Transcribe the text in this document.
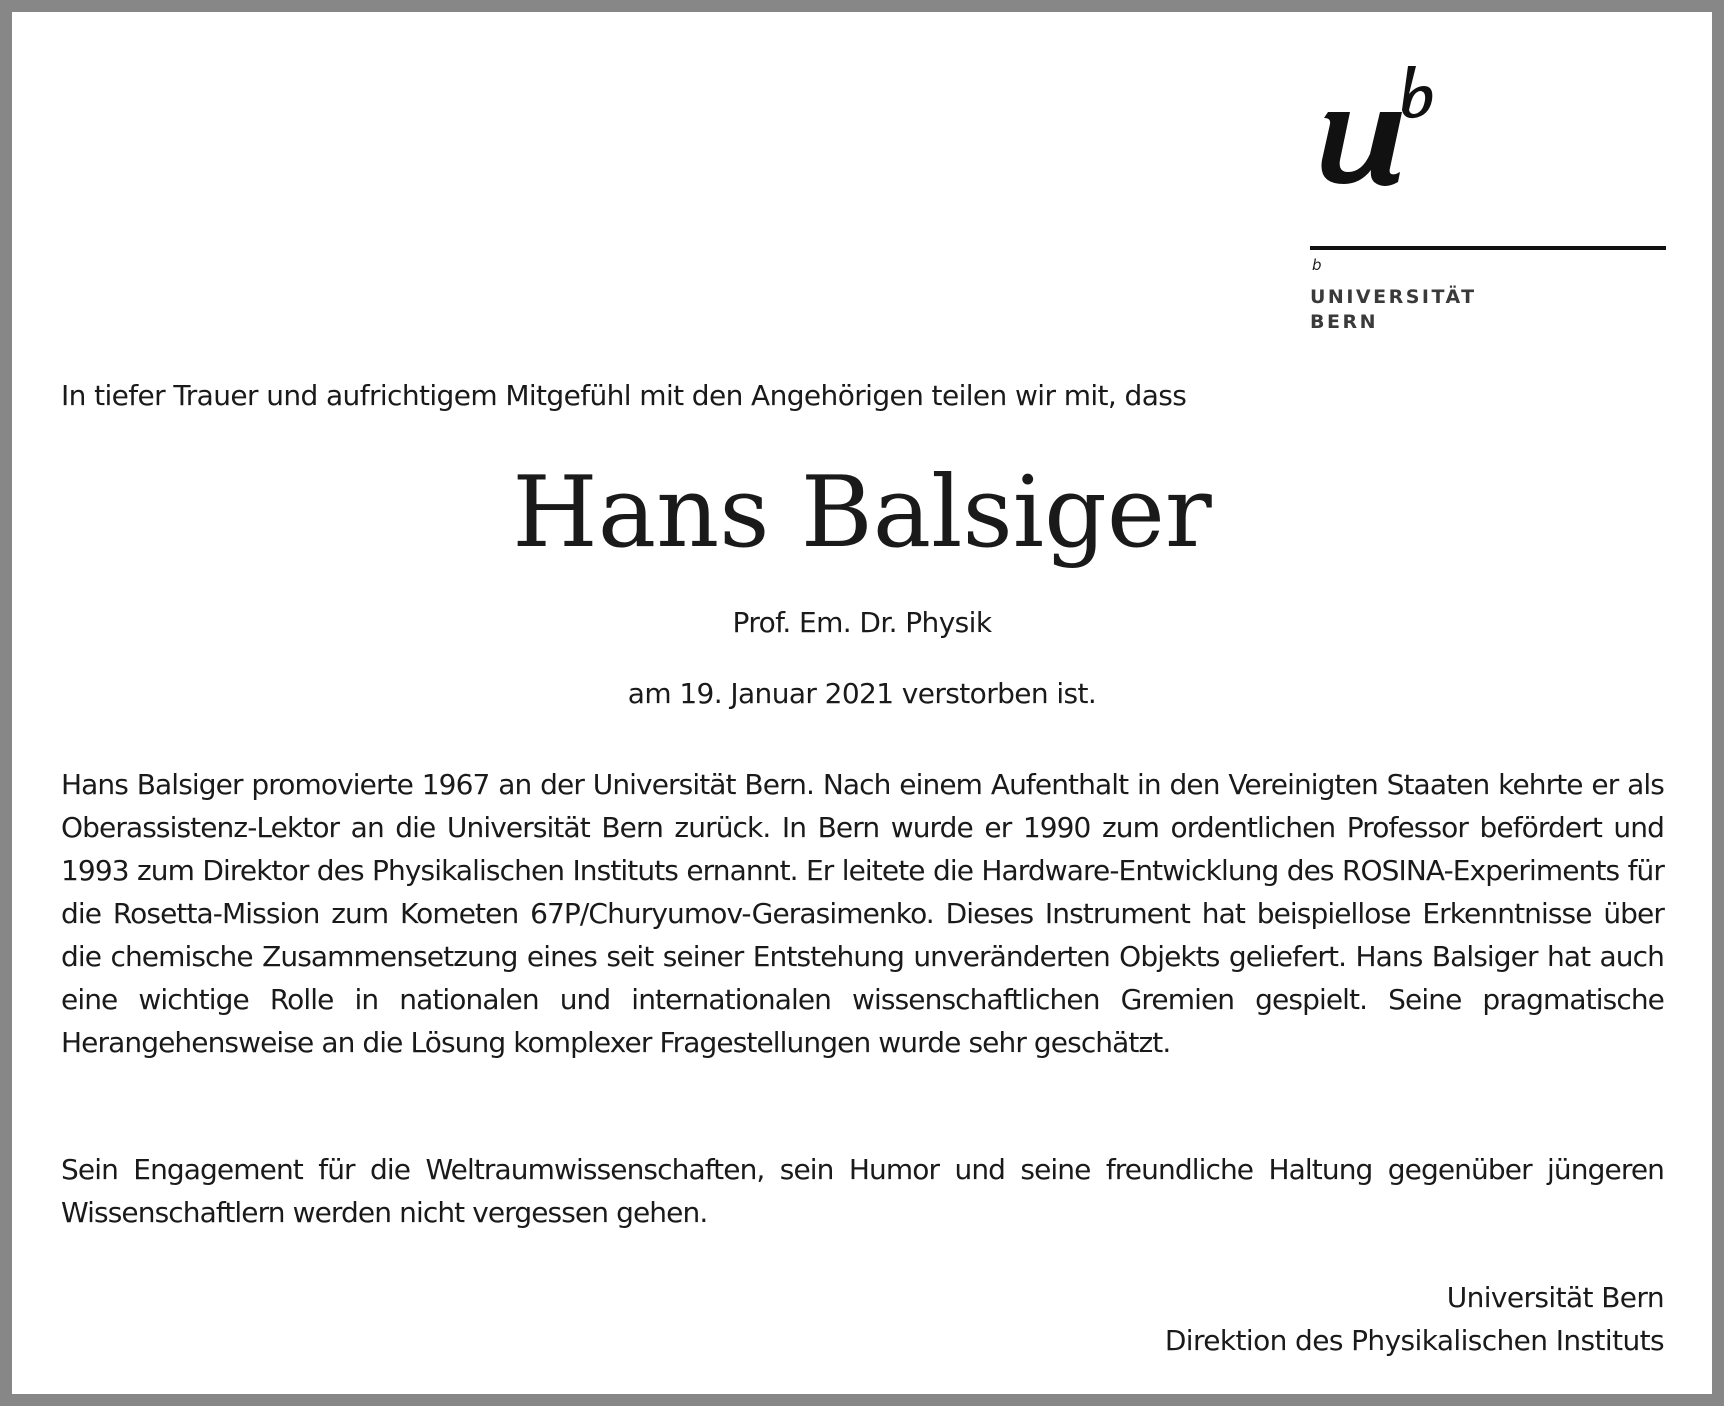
b
UNIVERSITÄT
BERN
In tiefer Trauer und aufrichtigem Mitgefühl mit den Angehörigen teilen wir mit, dass
Hans Balsiger
Prof. Em. Dr. Physik
am 19. Januar 2021 verstorben ist.

Hans Balsiger promovierte 1967 an der Universität Bern. Nach einem Aufenthalt in den Vereinigten Staaten kehrte er als Oberassistenz-Lektor an die Universität Bern zurück. In Bern wurde er 1990 zum ordentlichen Professor befördert und 1993 zum Direktor des Physikalischen Instituts ernannt. Er leitete die Hardware-Entwicklung des ROSINA-Experiments für die Rosetta-Mission zum Kometen 67P/Churyumov-Gerasimenko. Dieses Instrument hat beispiellose Erkenntnisse über die chemische Zusammensetzung eines seit seiner Entstehung unveränderten Objekts geliefert. Hans Balsiger hat auch eine wichtige Rolle in nationalen und internationalen wissenschaftlichen Gremien gespielt. Seine pragmatische Herangehensweise an die Lösung komplexer Fragestellungen wurde sehr geschätzt.

Sein Engagement für die Weltraumwissenschaften, sein Humor und seine freundliche Haltung gegenüber jüngeren Wissenschaftlern werden nicht vergessen gehen.

Universität Bern
Direktion des Physikalischen Instituts
